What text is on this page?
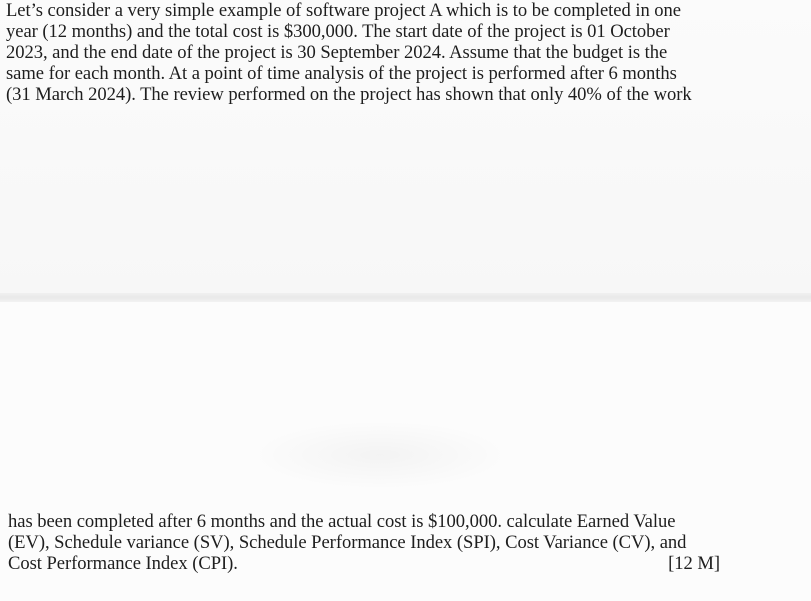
Let’s consider a very simple example of software project A which is to be completed in one
year (12 months) and the total cost is $300,000. The start date of the project is 01 October
2023, and the end date of the project is 30 September 2024. Assume that the budget is the
same for each month. At a point of time analysis of the project is performed after 6 months
(31 March 2024). The review performed on the project has shown that only 40% of the work

has been completed after 6 months and the actual cost is $100,000. calculate Earned Value
(EV), Schedule variance (SV), Schedule Performance Index (SPI), Cost Variance (CV), and
Cost Performance Index (CPI).	[12 M]
